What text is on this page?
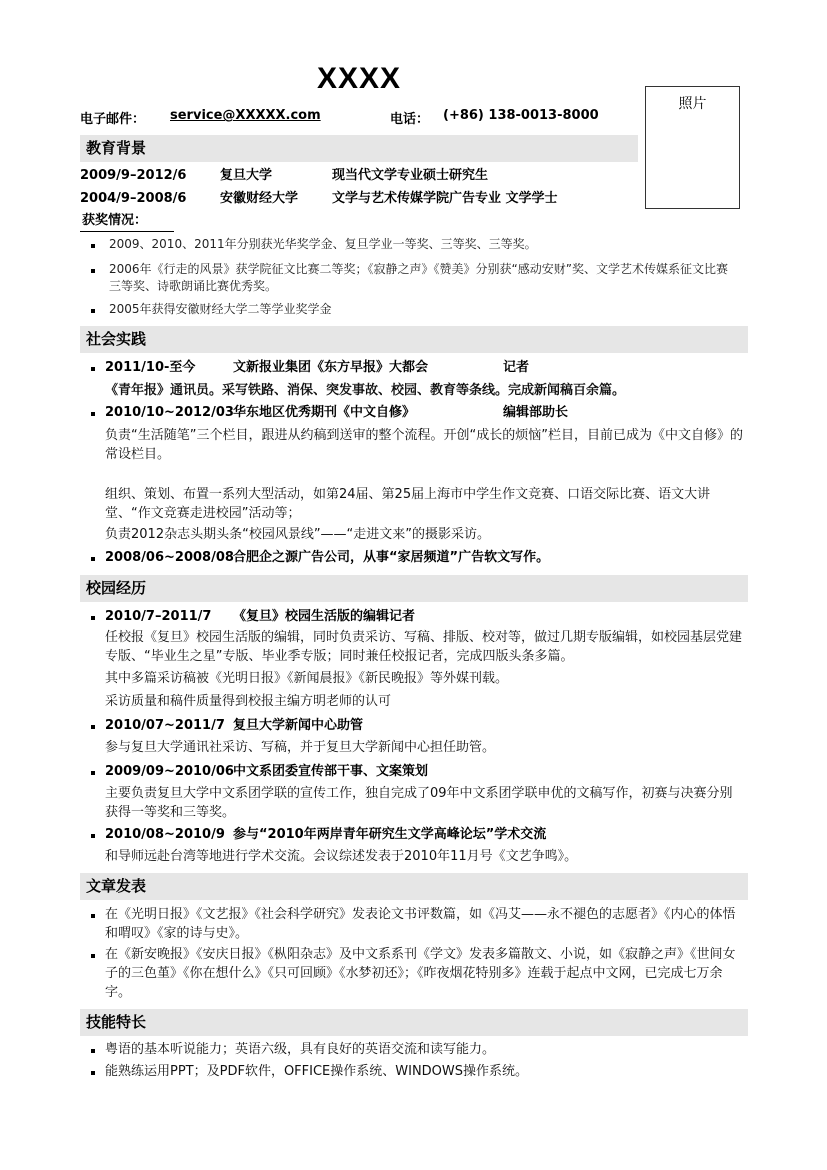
XXXX
电子邮件： service@XXXXX.com	电话： (+86) 138-0013-8000
照片
教育背景
2009/9–2012/6	复旦大学	现当代文学专业硕士研究生
2004/9–2008/6	安徽财经大学	文学与艺术传媒学院广告专业 文学学士
获奖情况：
2009、2010、2011年分别获光华奖学金、复旦学业一等奖、三等奖、三等奖。
2006年《行走的风景》获学院征文比赛二等奖；《寂静之声》《赞美》分别获“感动安财”奖、文学艺术传媒系征文比赛三等奖、诗歌朗诵比赛优秀奖。
2005年获得安徽财经大学二等学业奖学金
社会实践
2011/10-至今	文新报业集团《东方早报》大都会	记者
《青年报》通讯员。采写铁路、消保、突发事故、校园、教育等条线。完成新闻稿百余篇。
2010/10~2012/03 华东地区优秀期刊《中文自修》	编辑部助长
负责“生活随笔”三个栏目，跟进从约稿到送审的整个流程。开创“成长的烦恼”栏目，目前已成为《中文自修》的常设栏目。
组织、策划、布置一系列大型活动，如第24届、第25届上海市中学生作文竞赛、口语交际比赛、语文大讲堂、“作文竞赛走进校园”活动等；
负责2012杂志头期头条“校园风景线”——“走进文来”的摄影采访。
2008/06~2008/08 合肥企之源广告公司，从事“家居频道”广告软文写作。
校园经历
2010/7–2011/7 《复旦》校园生活版的编辑记者
任校报《复旦》校园生活版的编辑，同时负责采访、写稿、排版、校对等，做过几期专版编辑，如校园基层党建专版、“毕业生之星”专版、毕业季专版；同时兼任校报记者，完成四版头条多篇。
其中多篇采访稿被《光明日报》《新闻晨报》《新民晚报》等外媒刊载。
采访质量和稿件质量得到校报主编方明老师的认可
2010/07~2011/7 复旦大学新闻中心助管
参与复旦大学通讯社采访、写稿，并于复旦大学新闻中心担任助管。
2009/09~2010/06 中文系团委宣传部干事、文案策划
主要负责复旦大学中文系团学联的宣传工作，独自完成了09年中文系团学联申优的文稿写作，初赛与决赛分别获得一等奖和三等奖。
2010/08~2010/9 参与“2010年两岸青年研究生文学高峰论坛”学术交流
和导师远赴台湾等地进行学术交流。会议综述发表于2010年11月号《文艺争鸣》。
文章发表
在《光明日报》《文艺报》《社会科学研究》发表论文书评数篇，如《冯艾——永不褪色的志愿者》《内心的体悟和喟叹》《家的诗与史》。
在《新安晚报》《安庆日报》《枞阳杂志》及中文系系刊《学文》发表多篇散文、小说，如《寂静之声》《世间女子的三色堇》《你在想什么》《只可回顾》《水梦初还》；《昨夜烟花特别多》连载于起点中文网，已完成七万余字。
技能特长
粤语的基本听说能力；英语六级，具有良好的英语交流和读写能力。
能熟练运用PPT；及PDF软件，OFFICE操作系统、WINDOWS操作系统。
